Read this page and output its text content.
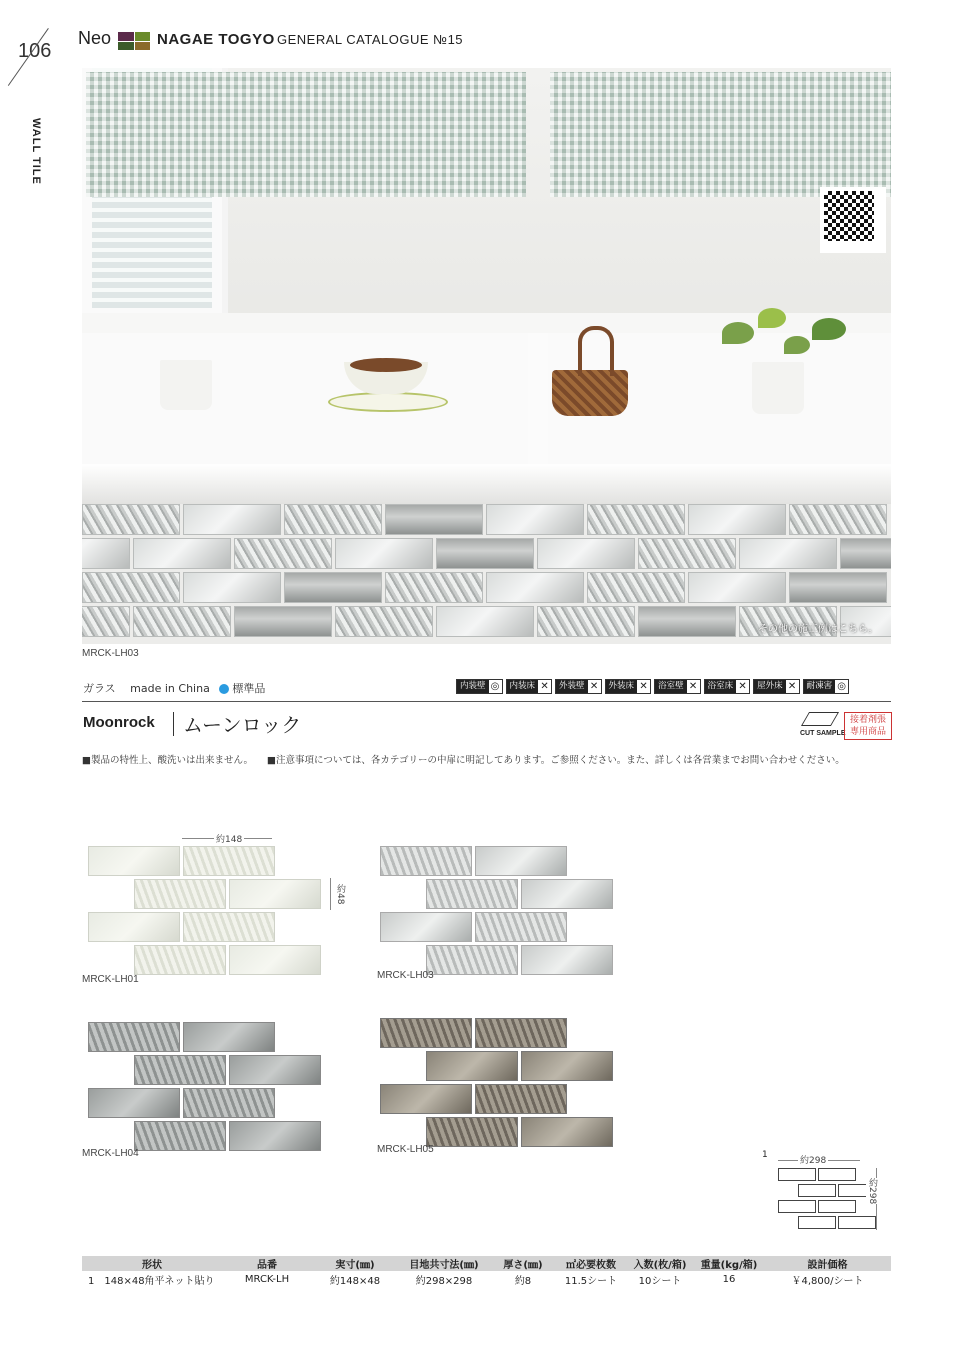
106
Neo	NAGAE TOGYO GENERAL CATALOGUE №15
WALL TILE
その他の施工例はこちら。
MRCK-LH03
ガラス　 made in China 標準品	内装壁 ◎	内装床 ✕	外装壁 ✕	外装床 ✕	浴室壁 ✕	浴室床 ✕	屋外床 ✕	耐凍害 ◎
Moonrock ムーンロック	CUT SAMPLE
接着剤張
専用商品
■製品の特性上、酸洗いは出来ません。 ■注意事項については、各カテゴリーの中扉に明記してあります。ご参照ください。また、詳しくは各営業までお問い合わせください。
約148
約48
MRCK-LH01	MRCK-LH03
MRCK-LH04	MRCK-LH05	1
約298
約298
形状	品番	実寸(㎜)	目地共寸法(㎜)	厚さ(㎜)	㎡必要枚数	入数(枚/箱)	重量(kg/箱)	設計価格
1　148×48角平ネット貼り	MRCK-LH	約148×48	約298×298	約8	11.5シート	10シート	16	￥4,800/シート
